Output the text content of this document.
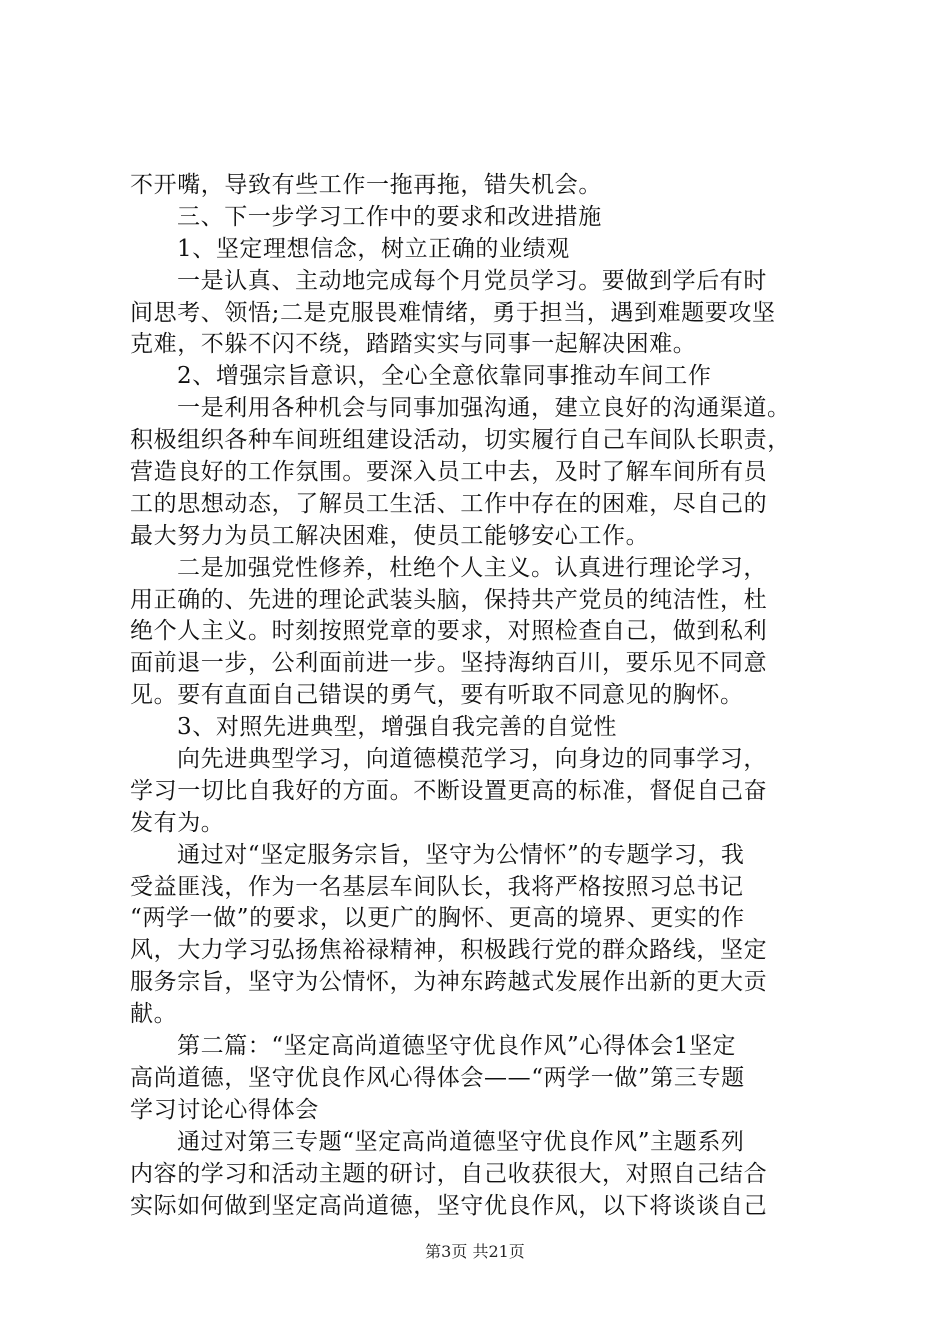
不开嘴，导致有些工作一拖再拖，错失机会。
三、下一步学习工作中的要求和改进措施
1、坚定理想信念，树立正确的业绩观
一是认真、主动地完成每个月党员学习。要做到学后有时
间思考、领悟;二是克服畏难情绪，勇于担当，遇到难题要攻坚
克难，不躲不闪不绕，踏踏实实与同事一起解决困难。
2、增强宗旨意识，全心全意依靠同事推动车间工作
一是利用各种机会与同事加强沟通，建立良好的沟通渠道。
积极组织各种车间班组建设活动，切实履行自己车间队长职责，
营造良好的工作氛围。要深入员工中去，及时了解车间所有员
工的思想动态，了解员工生活、工作中存在的困难，尽自己的
最大努力为员工解决困难，使员工能够安心工作。
二是加强党性修养，杜绝个人主义。认真进行理论学习，
用正确的、先进的理论武装头脑，保持共产党员的纯洁性，杜
绝个人主义。时刻按照党章的要求，对照检查自己，做到私利
面前退一步，公利面前进一步。坚持海纳百川，要乐见不同意
见。要有直面自己错误的勇气，要有听取不同意见的胸怀。
3、对照先进典型，增强自我完善的自觉性
向先进典型学习，向道德模范学习，向身边的同事学习，
学习一切比自我好的方面。不断设置更高的标准，督促自己奋
发有为。
通过对“坚定服务宗旨，坚守为公情怀”的专题学习，我
受益匪浅，作为一名基层车间队长，我将严格按照习总书记
“两学一做”的要求，以更广的胸怀、更高的境界、更实的作
风，大力学习弘扬焦裕禄精神，积极践行党的群众路线，坚定
服务宗旨，坚守为公情怀，为神东跨越式发展作出新的更大贡
献。
第二篇：“坚定高尚道德坚守优良作风”心得体会1坚定
高尚道德，坚守优良作风心得体会——“两学一做”第三专题
学习讨论心得体会
通过对第三专题“坚定高尚道德坚守优良作风”主题系列
内容的学习和活动主题的研讨，自己收获很大，对照自己结合
实际如何做到坚定高尚道德，坚守优良作风，以下将谈谈自己
第3页 共21页
